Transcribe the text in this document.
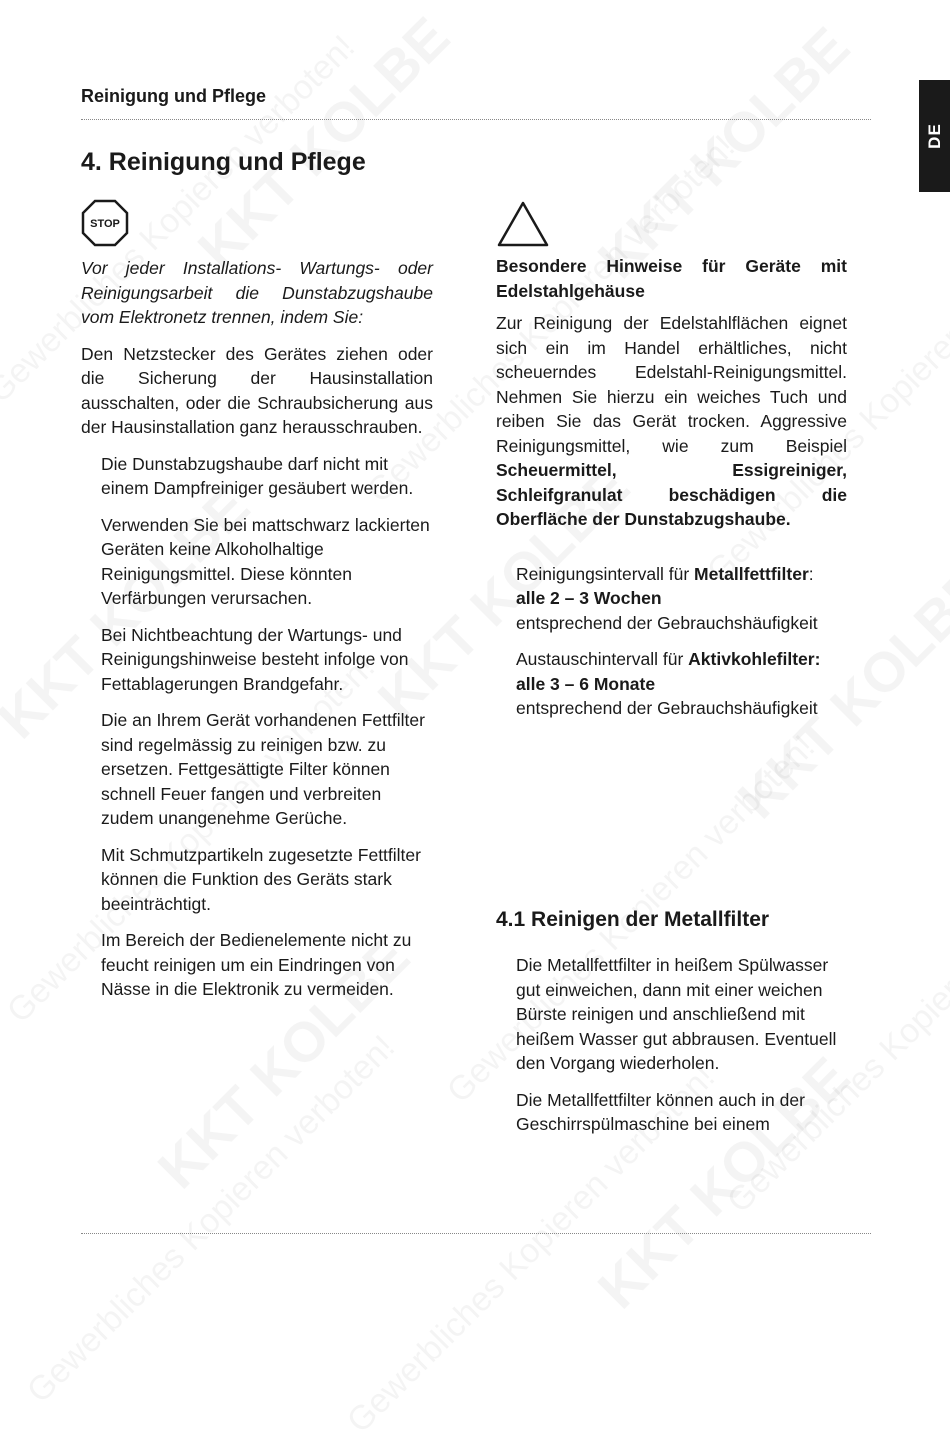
Reinigung und Pflege
DE
4. Reinigung und Pflege
STOP

Vor jeder Installations- Wartungs- oder Reinigungsarbeit die Dunstabzugshaube vom Elektronetz trennen, indem Sie:

Den Netzstecker des Gerätes ziehen oder die Sicherung der Hausinstallation ausschalten, oder die Schraubsicherung aus der Hausinstallation ganz herausschrauben.

Die Dunstabzugshaube darf nicht mit einem Dampfreiniger gesäubert werden.

Verwenden Sie bei mattschwarz lackierten Geräten keine Alkoholhaltige Reinigungsmittel. Diese könnten Verfärbungen verursachen.

Bei Nichtbeachtung der Wartungs- und Reinigungshinweise besteht infolge von Fettablagerungen Brandgefahr.

Die an Ihrem Gerät vorhandenen Fettfilter sind regelmässig zu reinigen bzw. zu ersetzen. Fettgesättigte Filter können schnell Feuer fangen und verbreiten zudem unangenehme Gerüche.

Mit Schmutzpartikeln zugesetzte Fettfilter können die Funktion des Geräts stark beeinträchtigt.

Im Bereich der Bedienelemente nicht zu feucht reinigen um ein Eindringen von Nässe in die Elektronik zu vermeiden.

Besondere Hinweise für Geräte mit Edelstahlgehäuse

Zur Reinigung der Edelstahlflächen eignet sich ein im Handel erhältliches, nicht scheuerndes Edelstahl-Reinigungsmittel. Nehmen Sie hierzu ein weiches Tuch und reiben Sie das Gerät trocken. Aggressive Reinigungsmittel, wie zum Beispiel Scheuermittel, Essigreiniger, Schleifgranulat beschädigen die Oberfläche der Dunstabzugshaube.

Reinigungsintervall für Metallfettfilter:
alle 2 – 3 Wochen
entsprechend der Gebrauchshäufigkeit

Austauschintervall für Aktivkohlefilter:
alle 3 – 6 Monate
entsprechend der Gebrauchshäufigkeit

4.1 Reinigen der Metallfilter

Die Metallfettfilter in heißem Spülwasser gut einweichen, dann mit einer weichen Bürste reinigen und anschließend mit heißem Wasser gut abbrausen. Eventuell den Vorgang wiederholen.

Die Metallfettfilter können auch in der Geschirrspülmaschine bei einem
